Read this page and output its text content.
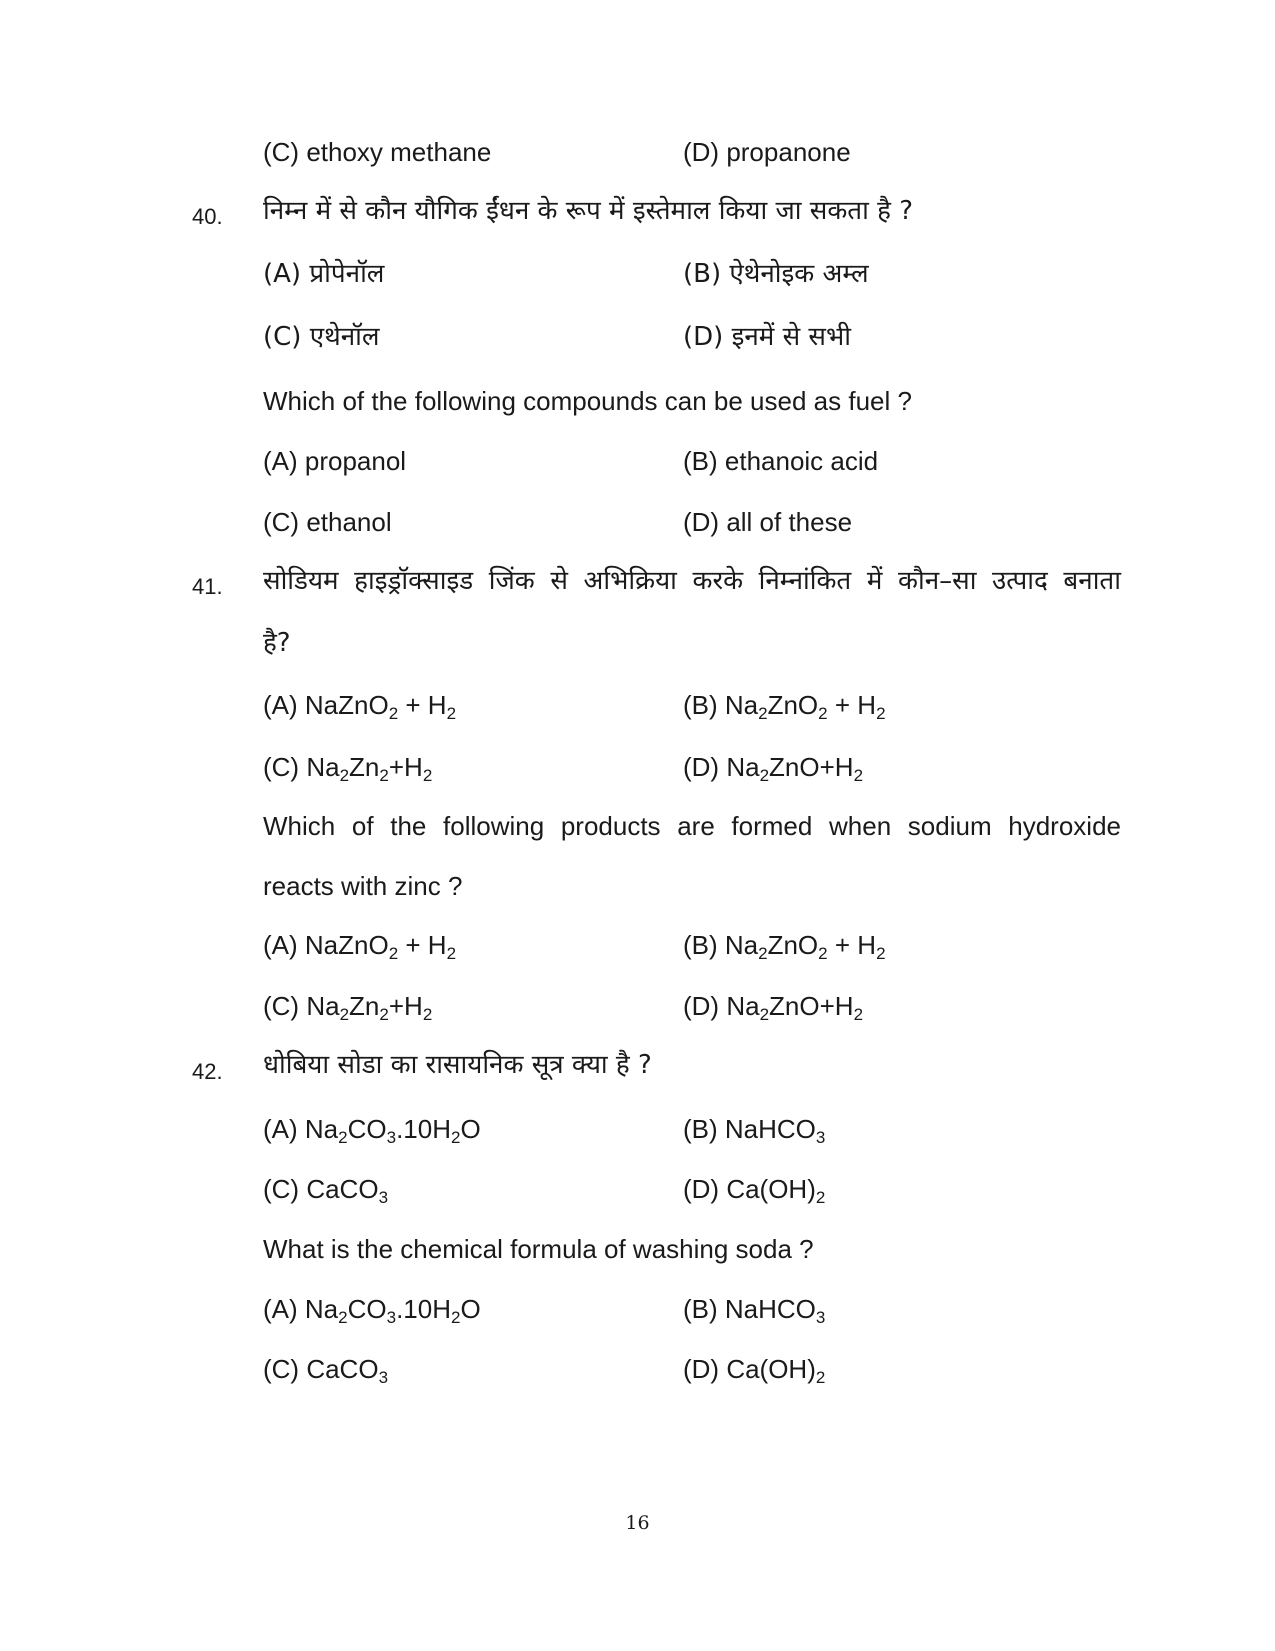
(C) ethoxy methane	(D) propanone
40. निम्न में से कौन यौगिक ईंधन के रूप में इस्तेमाल किया जा सकता है ?
(A) प्रोपेनॉल	(B) ऐथेनोइक अम्ल
(C) एथेनॉल	(D) इनमें से सभी
Which of the following compounds can be used as fuel ?
(A) propanol	(B) ethanoic acid
(C) ethanol	(D) all of these
41. सोडियम हाइड्रॉक्साइड जिंक से अभिक्रिया करके निम्नांकित में कौन–सा उत्पाद बनाता
है?
(A) NaZnO$_2$ + $H_2$	(B) $Na_2ZnO_2 + H_2$
(C) $Na_2Zn_2+H_2$	(D) $Na_2ZnO+H_2$
Which of the following products are formed when sodium hydroxide
reacts with zinc ?
(A) NaZnO$_2$ + $H_2$	(B) $Na_2ZnO_2 + H_2$
(C) $Na_2Zn_2+H_2$	(D) $Na_2ZnO+H_2$
42. धोबिया सोडा का रासायनिक सूत्र क्या है ?
(A) $Na_2CO_3.10H_2O$	(B) NaHCO$_3$
(C) CaCO$_3$	(D) $Ca(OH)_2$
What is the chemical formula of washing soda ?
(A) $Na_2CO_3.10H_2O$	(B) NaHCO$_3$
(C) CaCO$_3$	(D) $Ca(OH)_2$
16
